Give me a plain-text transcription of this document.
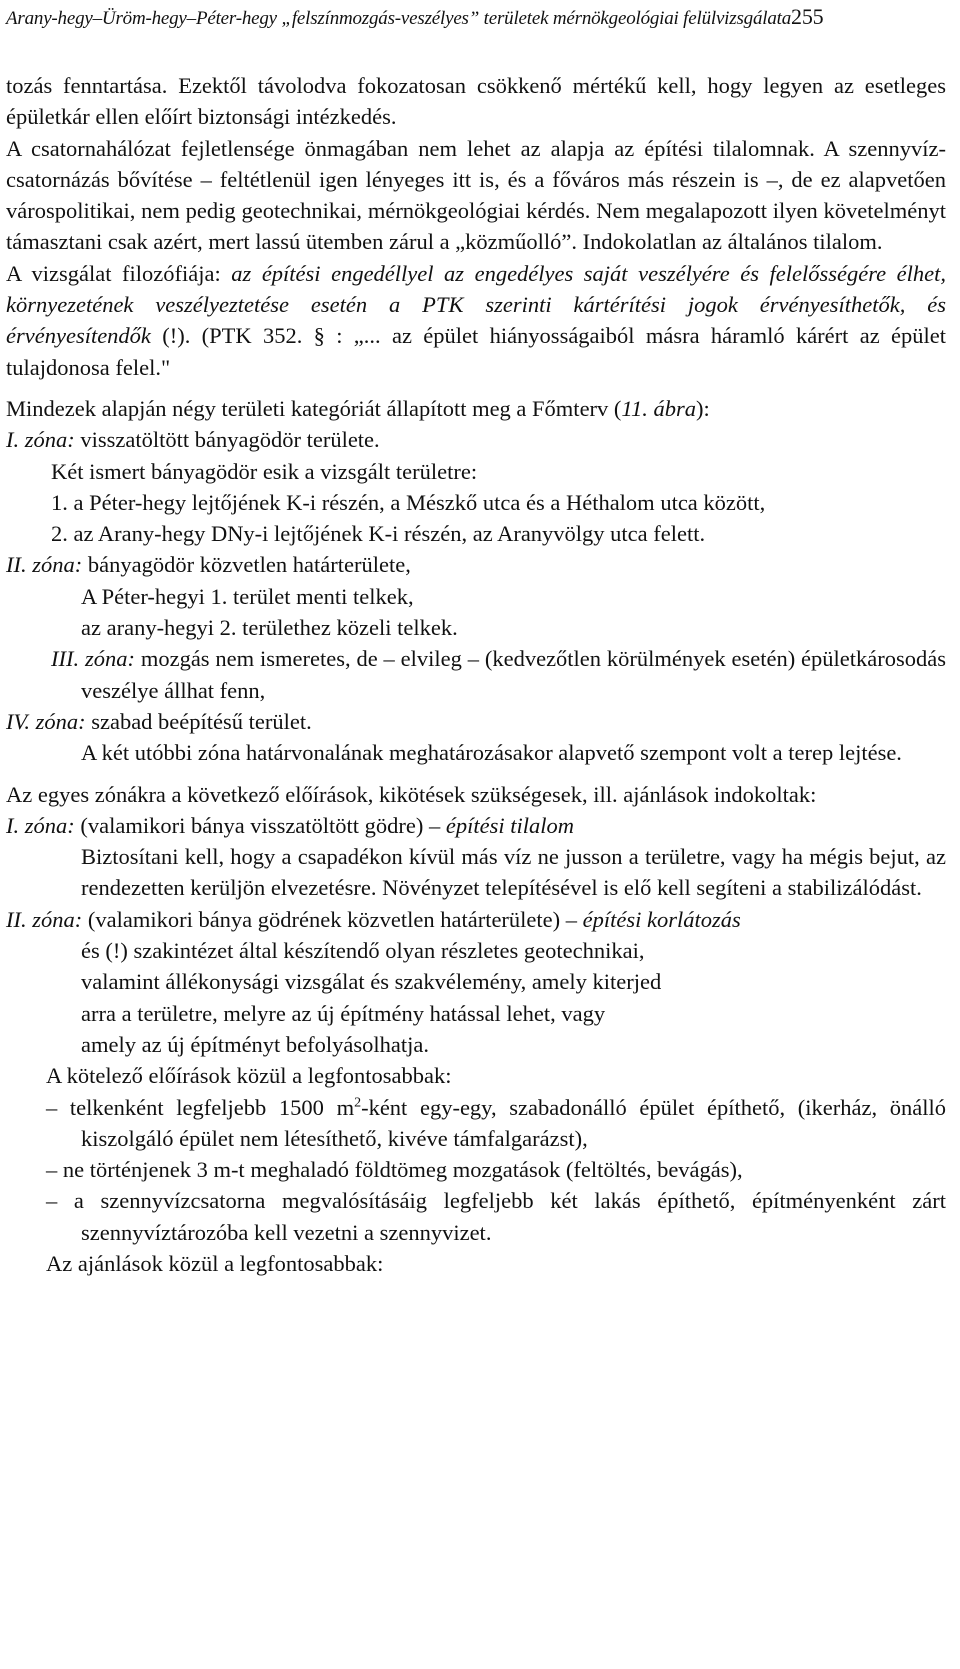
Arany-hegy–Üröm-hegy–Péter-hegy „felszínmozgás-veszélyes” területek mérnökgeológiai felülvizsgálata255

tozás fenntartása. Ezektől távolodva fokozatosan csökkenő mértékű kell, hogy legyen az esetleges épületkár ellen előírt biztonsági intézkedés.

A csatornahálózat fejletlensége önmagában nem lehet az alapja az építési tilalomnak. A szennyvíz-csatornázás bővítése – feltétlenül igen lényeges itt is, és a főváros más részein is –, de ez alapvetően várospolitikai, nem pedig geotechnikai, mérnökgeológiai kérdés. Nem megalapozott ilyen követelményt támasztani csak azért, mert lassú ütemben zárul a „közműolló”. Indokolatlan az általános tilalom.

A vizsgálat filozófiája: az építési engedéllyel az engedélyes saját veszélyére és felelősségére élhet, környezetének veszélyeztetése esetén a PTK szerinti kártérítési jogok érvényesíthetők, és érvényesítendők (!). (PTK 352. § : „... az épület hiányosságaiból másra háramló kárért az épület tulajdonosa felel."

Mindezek alapján négy területi kategóriát állapított meg a Főmterv (11. ábra):

I. zóna: visszatöltött bányagödör területe.

Két ismert bányagödör esik a vizsgált területre:

1. a Péter-hegy lejtőjének K-i részén, a Mészkő utca és a Héthalom utca között,

2. az Arany-hegy DNy-i lejtőjének K-i részén, az Aranyvölgy utca felett.

II. zóna: bányagödör közvetlen határterülete,

A Péter-hegyi 1. terület menti telkek,

az arany-hegyi 2. területhez közeli telkek.

III. zóna: mozgás nem ismeretes, de – elvileg – (kedvezőtlen körülmények esetén) épületkárosodás veszélye állhat fenn,

IV. zóna: szabad beépítésű terület.

A két utóbbi zóna határvonalának meghatározásakor alapvető szempont volt a terep lejtése.

Az egyes zónákra a következő előírások, kikötések szükségesek, ill. ajánlások indokoltak:

I. zóna: (valamikori bánya visszatöltött gödre) – építési tilalom

Biztosítani kell, hogy a csapadékon kívül más víz ne jusson a területre, vagy ha mégis bejut, az rendezetten kerüljön elvezetésre. Növényzet telepítésével is elő kell segíteni a stabilizálódást.

II. zóna: (valamikori bánya gödrének közvetlen határterülete) – építési korlátozás

és (!) szakintézet által készítendő olyan részletes geotechnikai,

valamint állékonysági vizsgálat és szakvélemény, amely kiterjed

arra a területre, melyre az új építmény hatással lehet, vagy

amely az új építményt befolyásolhatja.

A kötelező előírások közül a legfontosabbak:

– telkenként legfeljebb 1500 $m^2$-ként egy-egy, szabadonálló épület építhető, (ikerház, önálló kiszolgáló épület nem létesíthető, kivéve támfalgarázst),

– ne történjenek 3 m-t meghaladó földtömeg mozgatások (feltöltés, bevágás),

– a szennyvízcsatorna megvalósításáig legfeljebb két lakás építhető, építményenként zárt szennyvíztározóba kell vezetni a szennyvizet.

Az ajánlások közül a legfontosabbak:
